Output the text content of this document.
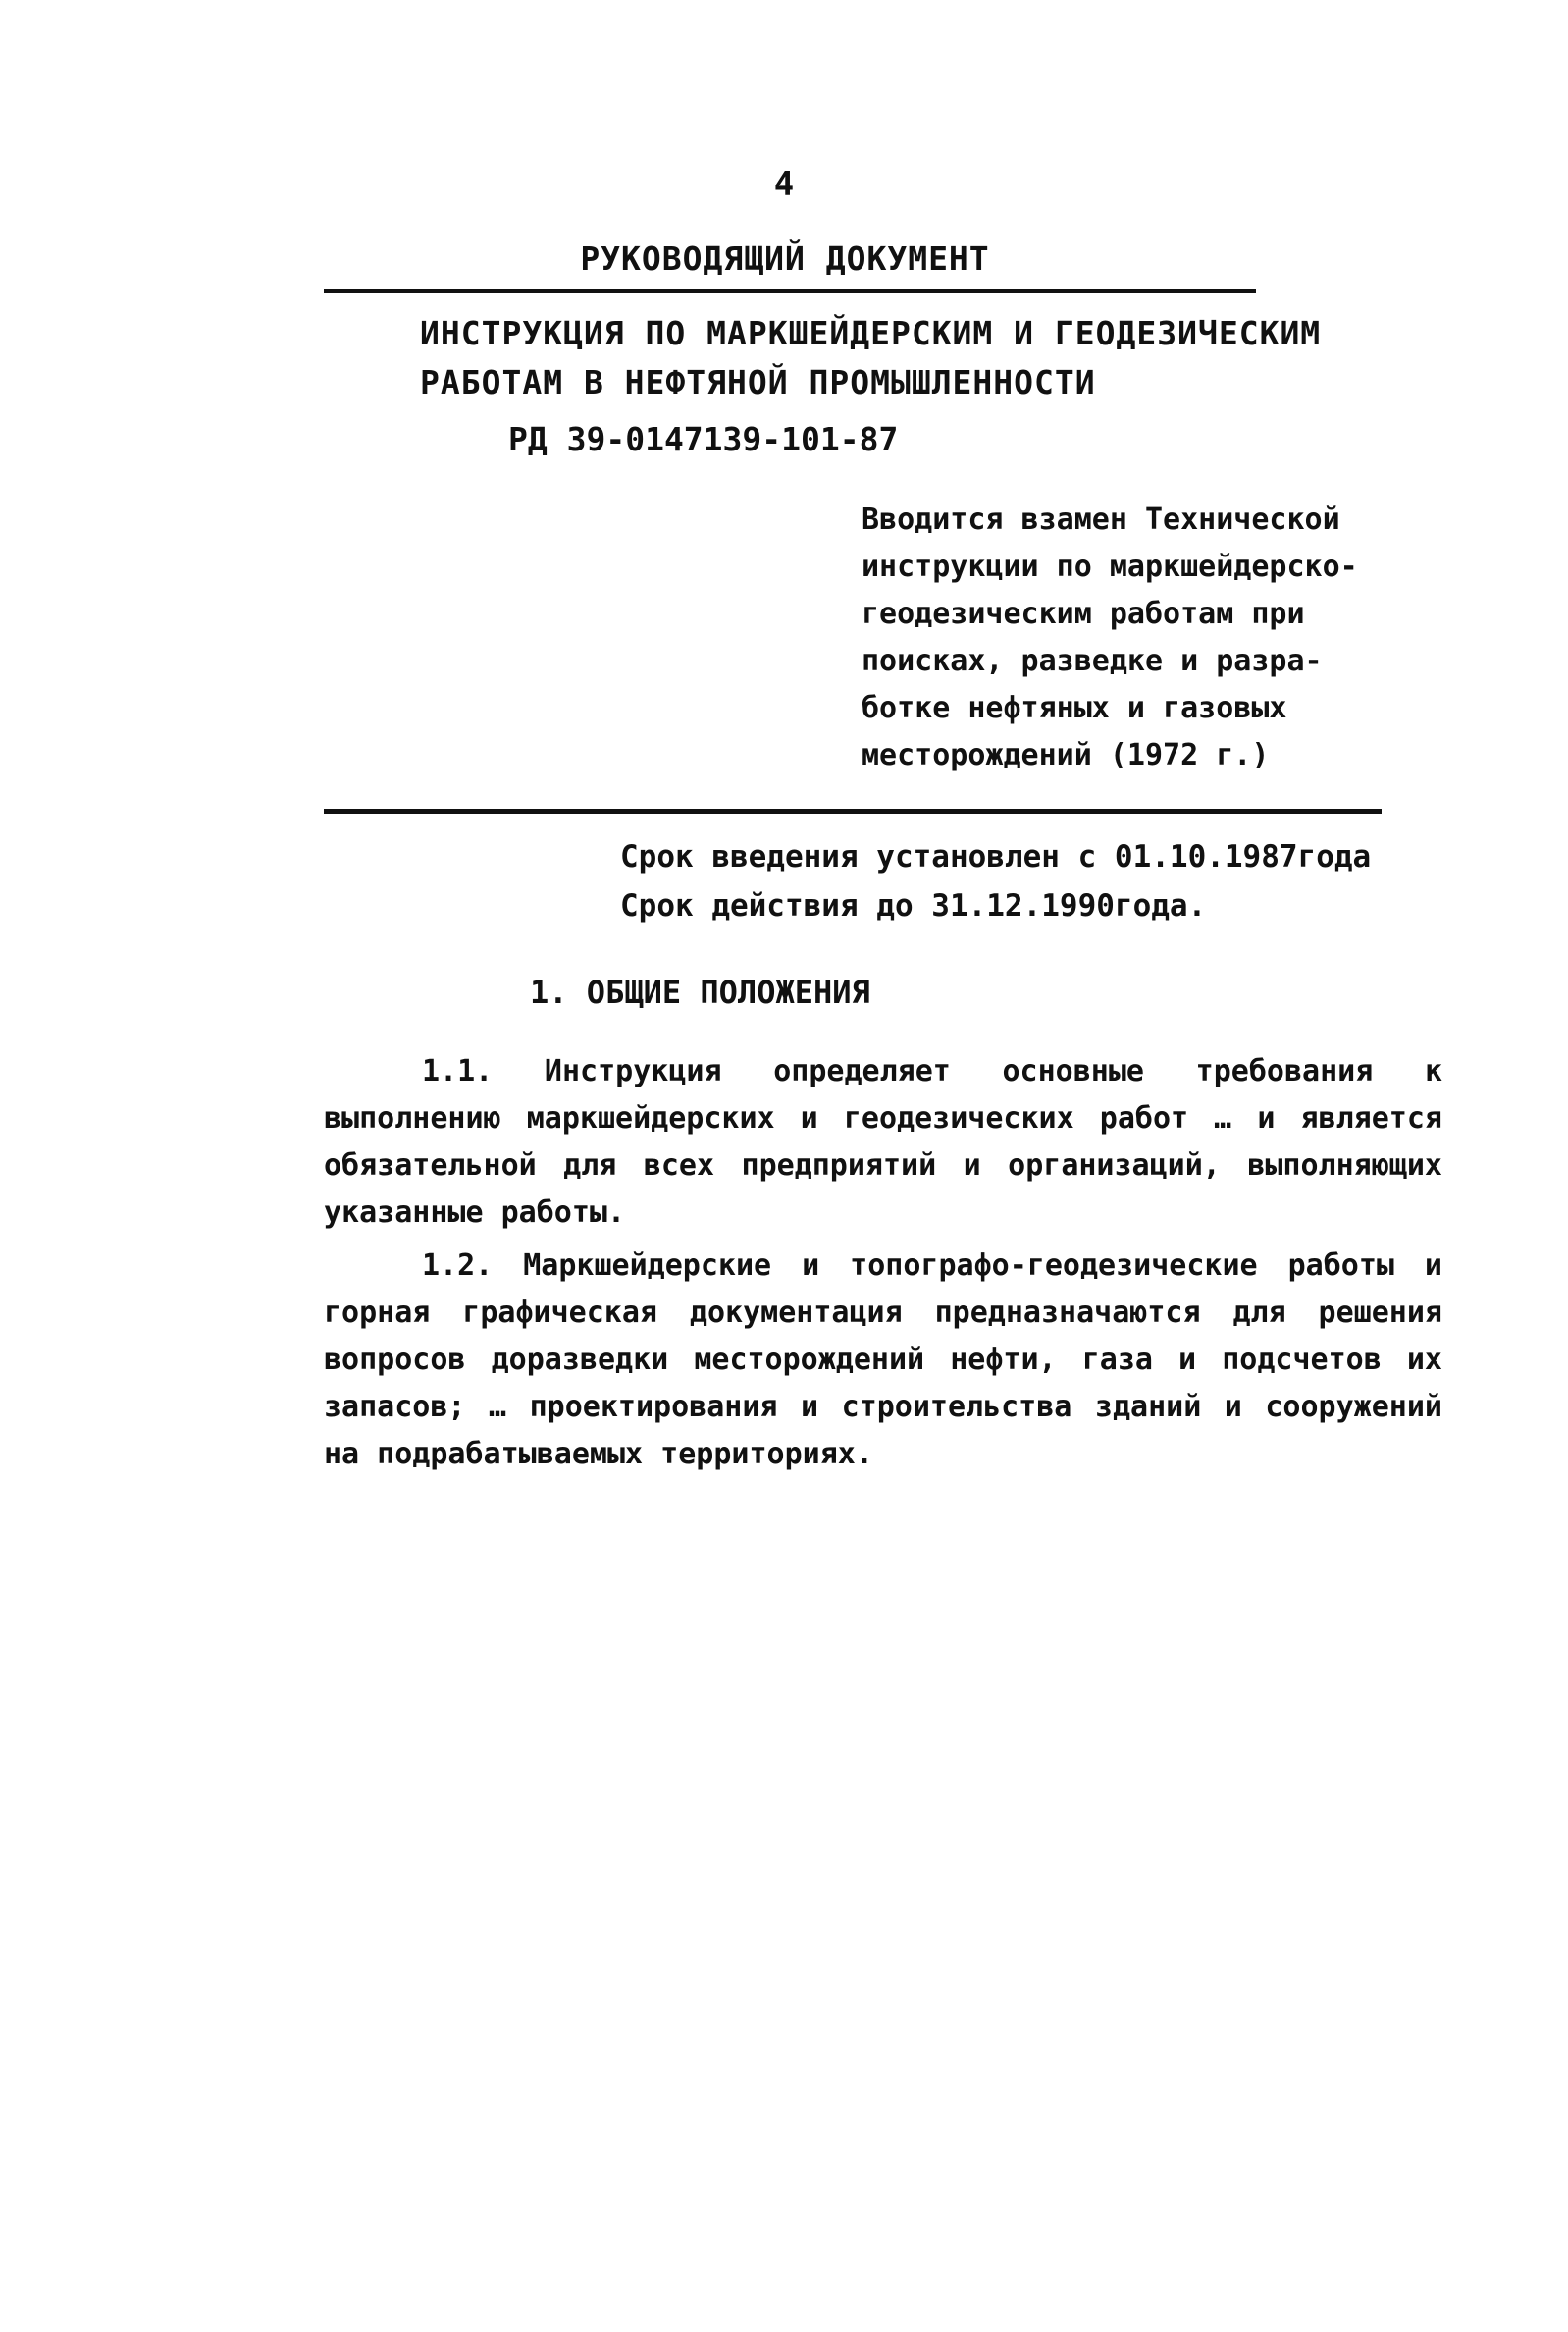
4
РУКОВОДЯЩИЙ ДОКУМЕНТ
ИНСТРУКЦИЯ ПО МАРКШЕЙДЕРСКИМ И ГЕОДЕЗИЧЕСКИМ
РАБОТАМ В НЕФТЯНОЙ ПРОМЫШЛЕННОСТИ
РД 39-0147139-101-87
Вводится взамен Технической
инструкции по маркшейдерско-
геодезическим работам при
поисках, разведке и разра-
ботке нефтяных и газовых
месторождений (1972 г.)
Срок введения установлен с 01.10.1987года
Срок действия до 31.12.1990года.
1. ОБЩИЕ ПОЛОЖЕНИЯ

1.1. Инструкция определяет основные требования к выполнению маркшейдерских и геодезических работ … и является обязательной для всех предприятий и организаций, выполняющих указанные работы.

1.2. Маркшейдерские и топографо-геодезические работы и горная графическая документация предназначаются для решения вопросов доразведки месторождений нефти, газа и подсчетов их запасов; … проектирования и строительства зданий и сооружений на подрабатываемых территориях.
